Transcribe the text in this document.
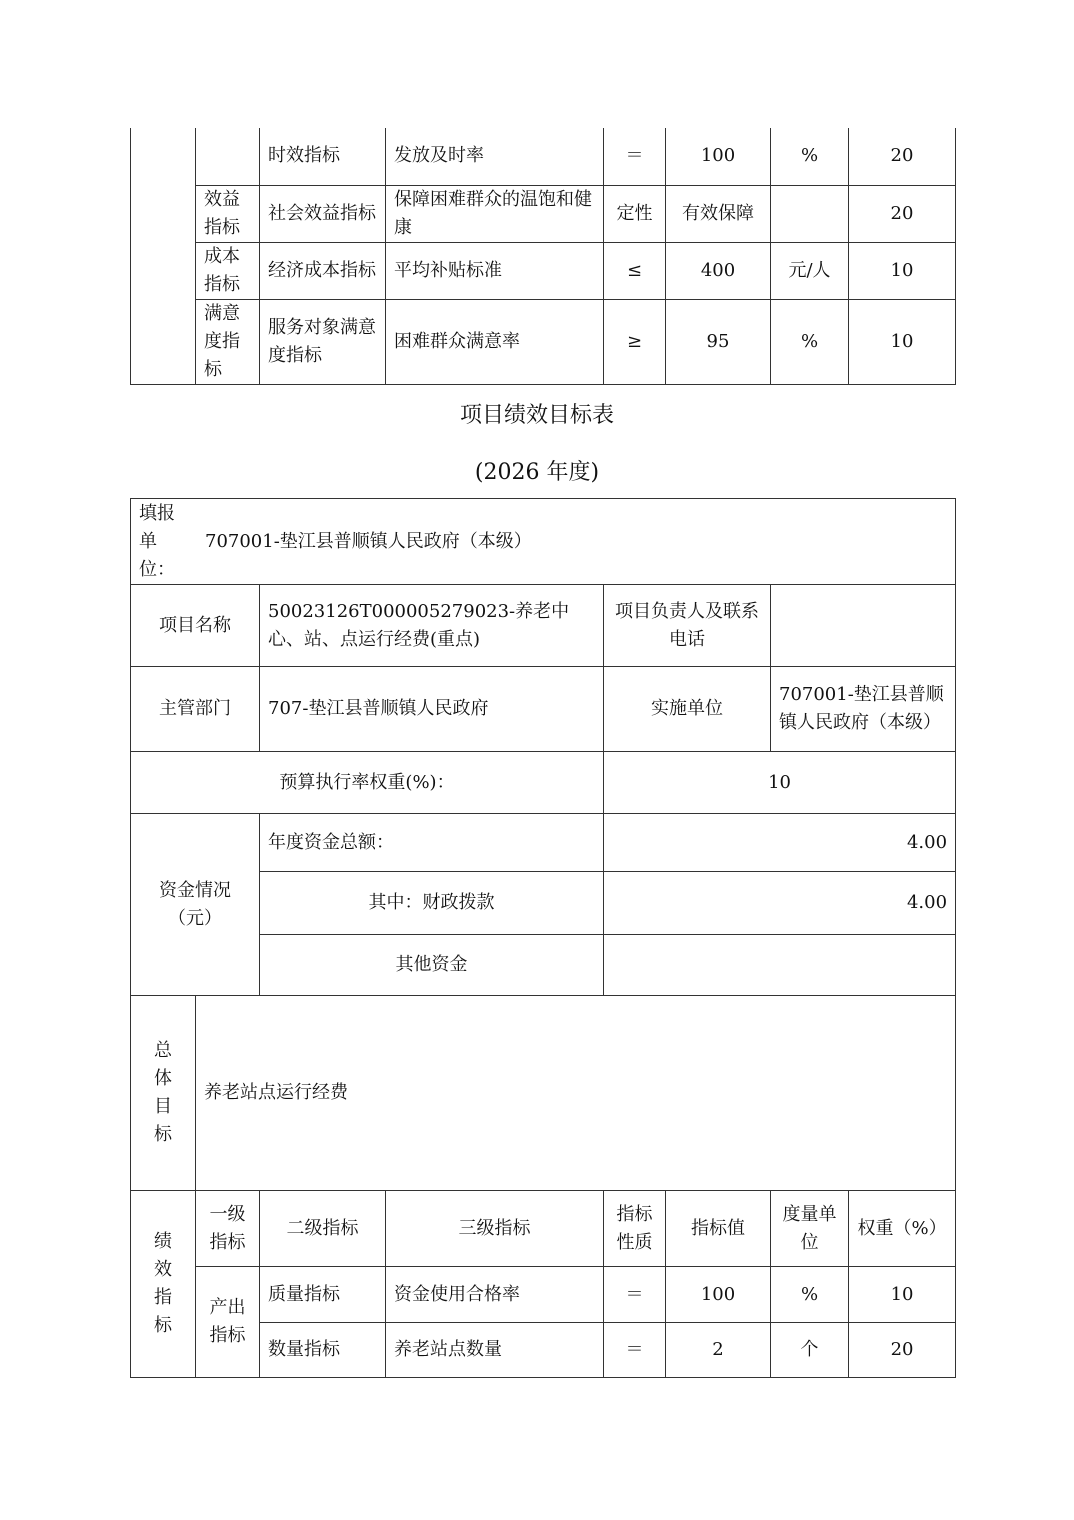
		时效指标	发放及时率	＝	100	%	20
	效益指标	社会效益指标	保障困难群众的温饱和健康	定性	有效保障		20
	成本指标	经济成本指标	平均补贴标准	≤	400	元/人	10
	满意度指标	服务对象满意度指标	困难群众满意率	≥	95	%	10
项目绩效目标表
(2026 年度)
填报单位：
707001-垫江县普顺镇人民政府（本级）							

项目名称		50023126T000005279023-养老中心、站、点运行经费(重点)		项目负责人及联系电话			
主管部门		707-垫江县普顺镇人民政府		实施单位		707001-垫江县普顺镇人民政府（本级）	
预算执行率权重(%)：				10			
资金情况（元）		年度资金总额：		4.00			
		其中：财政拨款		4.00			
		其他资金					
总体目标	养老站点运行经费						
绩效指标	一级指标	二级指标	三级指标	指标性质	指标值	度量单位	权重（%）
	产出指标	质量指标	资金使用合格率	＝	100	%	10
		数量指标	养老站点数量	＝	2	个	20
